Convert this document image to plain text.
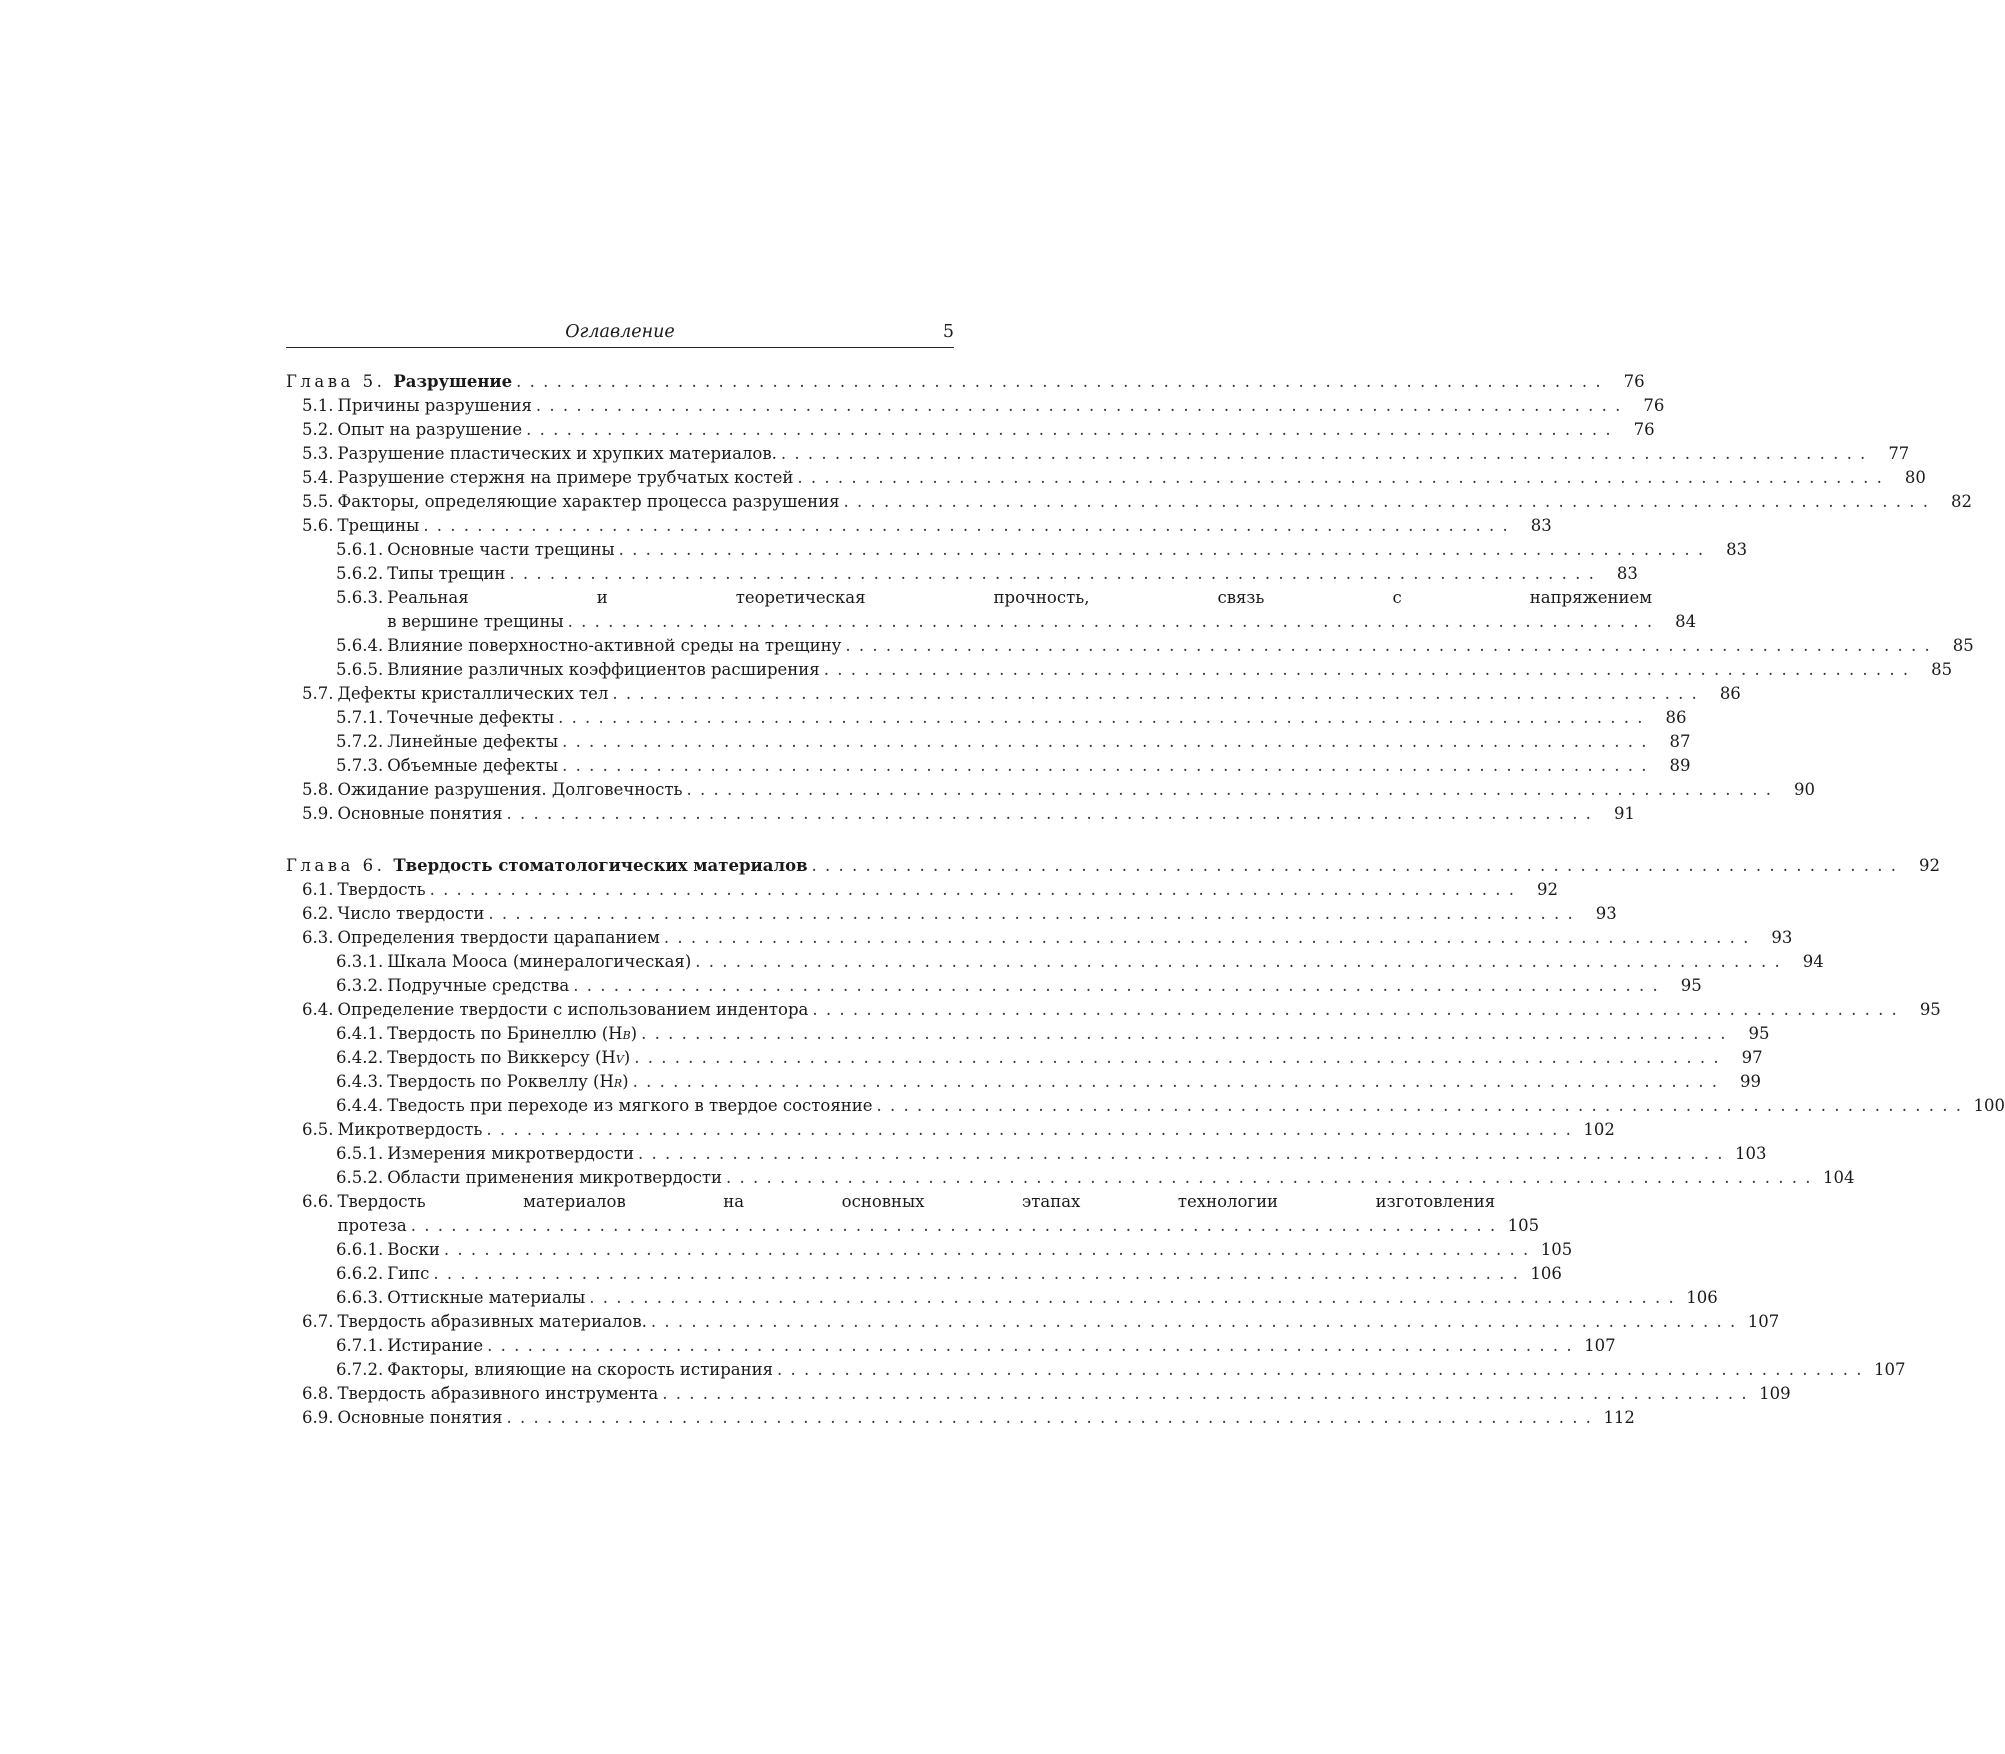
Оглавление	5
Глава 5. Разрушение . . .	76
5.1. Причины разрушения . . .	76
5.2. Опыт на разрушение . . .	76
5.3. Разрушение пластических и хрупких материалов. . . .	77
5.4. Разрушение стержня на примере трубчатых костей . . .	80
5.5. Факторы, определяющие характер процесса разрушения . . .	82
5.6. Трещины . . .	83
5.6.1. Основные части трещины . . .	83
5.6.2. Типы трещин . . .	83
5.6.3. Реальная и теоретическая прочность, связь с напряжением
в вершине трещины . . .	84
5.6.4. Влияние поверхностно-активной среды на трещину . . .	85
5.6.5. Влияние различных коэффициентов расширения . . .	85
5.7. Дефекты кристаллических тел . . .	86
5.7.1. Точечные дефекты . . .	86
5.7.2. Линейные дефекты . . .	87
5.7.3. Объемные дефекты . . .	89
5.8. Ожидание разрушения. Долговечность . . .	90
5.9. Основные понятия . . .	91
Глава 6. Твердость стоматологических материалов . . .	92
6.1. Твердость . . .	92
6.2. Число твердости . . .	93
6.3. Определения твердости царапанием . . .	93
6.3.1. Шкала Мооса (минералогическая) . . .	94
6.3.2. Подручные средства . . .	95
6.4. Определение твердости с использованием индентора . . .	95
6.4.1. Твердость по Бринеллю (H B ) . . .	95
6.4.2. Твердость по Виккерсу (H V ) . . .	97
6.4.3. Твердость по Роквеллу (H R ) . . .	99
6.4.4. Тведость при переходе из мягкого в твердое состояние . . .	100
6.5. Микротвердость . . .	102
6.5.1. Измерения микротвердости . . .	103
6.5.2. Области применения микротвердости . . .	104
6.6. Твердость материалов на основных этапах технологии изготовления
протеза . . .	105
6.6.1. Воски . . .	105
6.6.2. Гипс . . .	106
6.6.3. Оттискные материалы . . .	106
6.7. Твердость абразивных материалов. . . .	107
6.7.1. Истирание . . .	107
6.7.2. Факторы, влияющие на скорость истирания . . .	107
6.8. Твердость абразивного инструмента . . .	109
6.9. Основные понятия . . .	112
